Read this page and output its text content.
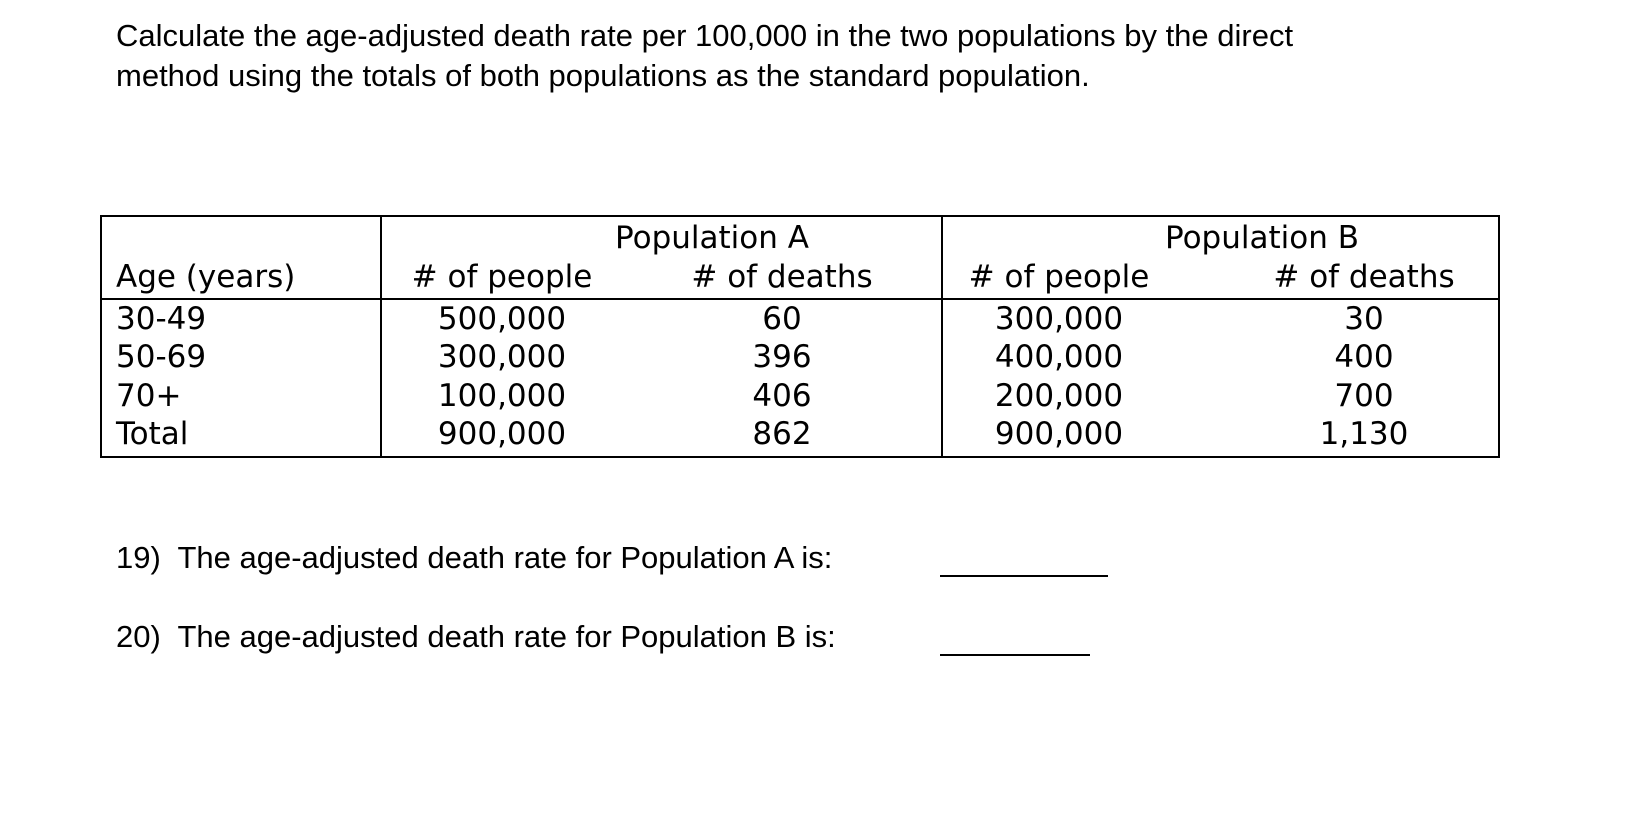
Calculate the age-adjusted death rate per 100,000 in the two populations by the direct

method using the totals of both populations as the standard population.

Population A	Population B
Age (years)	# of people	# of deaths	# of people	# of deaths
30-49	500,000	60	300,000	30
50-69	300,000	396	400,000	400
70+	100,000	406	200,000	700
Total	900,000	862	900,000	1,130
19) The age-adjusted death rate for Population A is:
20) The age-adjusted death rate for Population B is:
